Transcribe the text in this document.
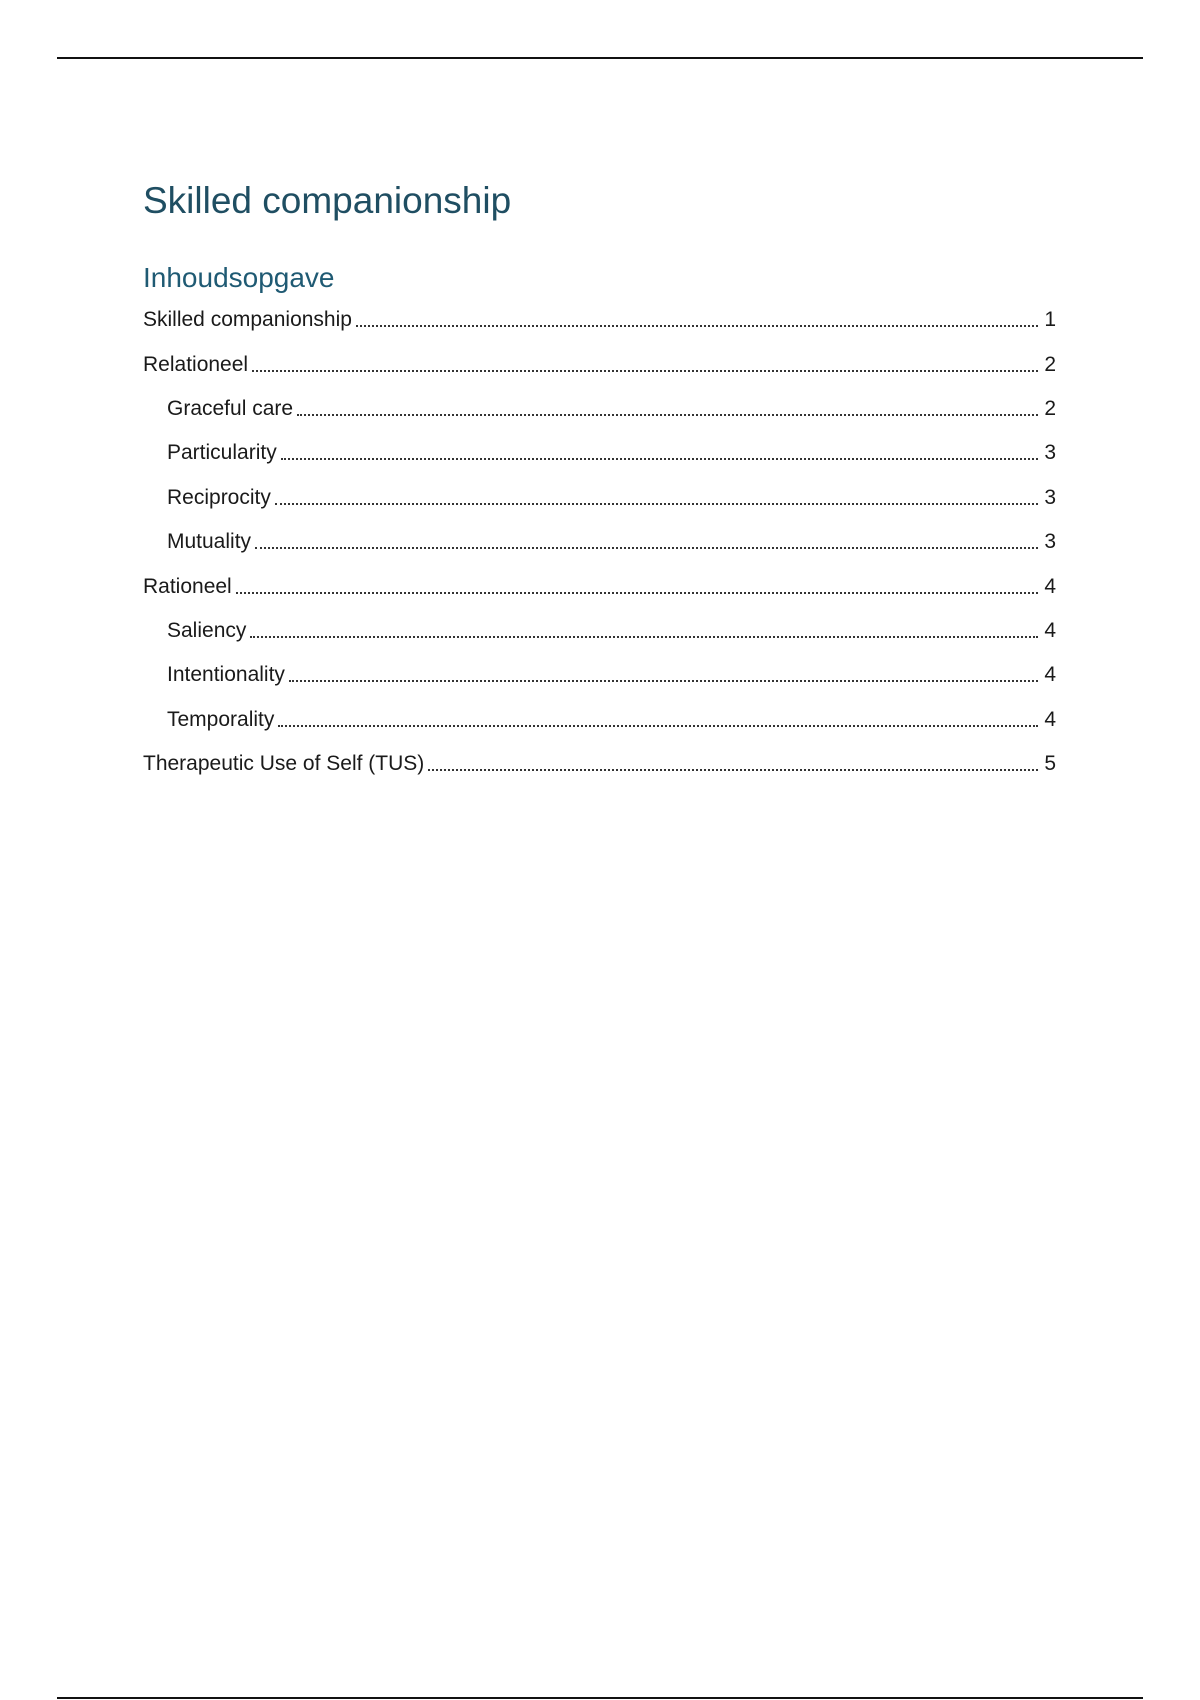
Skilled companionship
Inhoudsopgave
Skilled companionship	1
Relationeel	2
Graceful care	2
Particularity	3
Reciprocity	3
Mutuality	3
Rationeel	4
Saliency	4
Intentionality	4
Temporality	4
Therapeutic Use of Self (TUS)	5
